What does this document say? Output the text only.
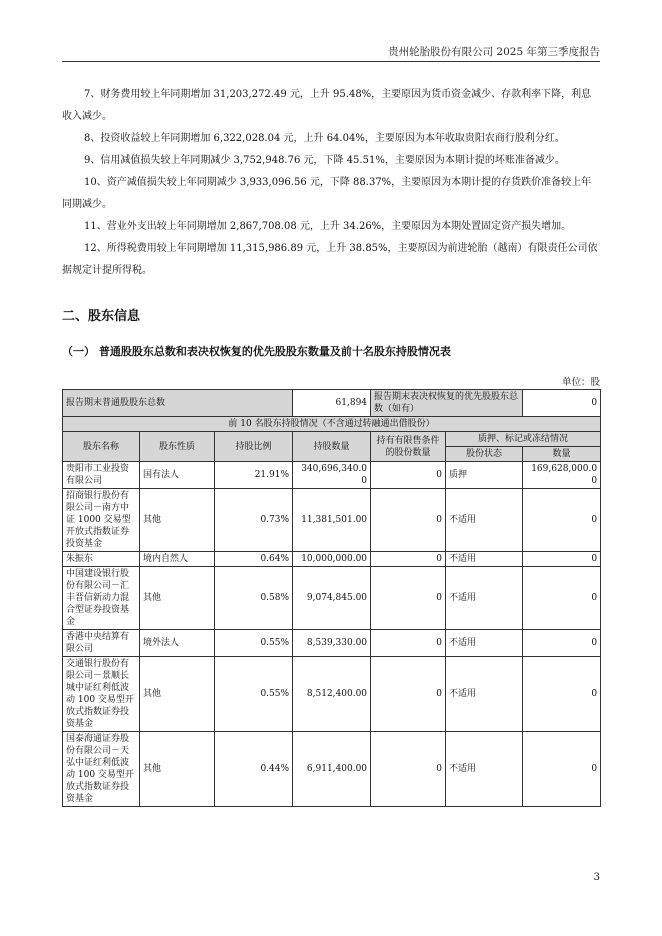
贵州轮胎股份有限公司 2025 年第三季度报告

7、财务费用较上年同期增加 31,203,272.49 元，上升 95.48%，主要原因为货币资金减少、存款利率下降，利息收入减少。

8、投资收益较上年同期增加 6,322,028.04 元，上升 64.04%，主要原因为本年收取贵阳农商行股利分红。

9、信用减值损失较上年同期减少 3,752,948.76 元，下降 45.51%，主要原因为本期计提的坏账准备减少。

10、资产减值损失较上年同期减少 3,933,096.56 元，下降 88.37%，主要原因为本期计提的存货跌价准备较上年同期减少。

11、营业外支出较上年同期增加 2,867,708.08 元，上升 34.26%，主要原因为本期处置固定资产损失增加。

12、所得税费用较上年同期增加 11,315,986.89 元，上升 38.85%，主要原因为前进轮胎（越南）有限责任公司依据规定计提所得税。

二、股东信息
（一） 普通股股东总数和表决权恢复的优先股股东数量及前十名股东持股情况表
单位：股
报告期末普通股股东总数			61,894	报告期末表决权恢复的优先股股东总数（如有）		0
前 10 名股东持股情况（不含通过转融通出借股份）						
股东名称	股东性质	持股比例	持股数量	持有有限售条件的股份数量	质押、标记或冻结情况	
					股份状态	数量
贵阳市工业投资有限公司	国有法人	21.91%	340,696,340.00	0	质押	169,628,000.00
招商银行股份有限公司－南方中证 1000 交易型开放式指数证券投资基金	其他	0.73%	11,381,501.00	0	不适用	0
朱振东	境内自然人	0.64%	10,000,000.00	0	不适用	0
中国建设银行股份有限公司－汇丰晋信新动力混合型证券投资基金	其他	0.58%	9,074,845.00	0	不适用	0
香港中央结算有限公司	境外法人	0.55%	8,539,330.00	0	不适用	0
交通银行股份有限公司－景顺长城中证红利低波动 100 交易型开放式指数证券投资基金	其他	0.55%	8,512,400.00	0	不适用	0
国泰海通证券股份有限公司－天弘中证红利低波动 100 交易型开放式指数证券投资基金	其他	0.44%	6,911,400.00	0	不适用	0
3
